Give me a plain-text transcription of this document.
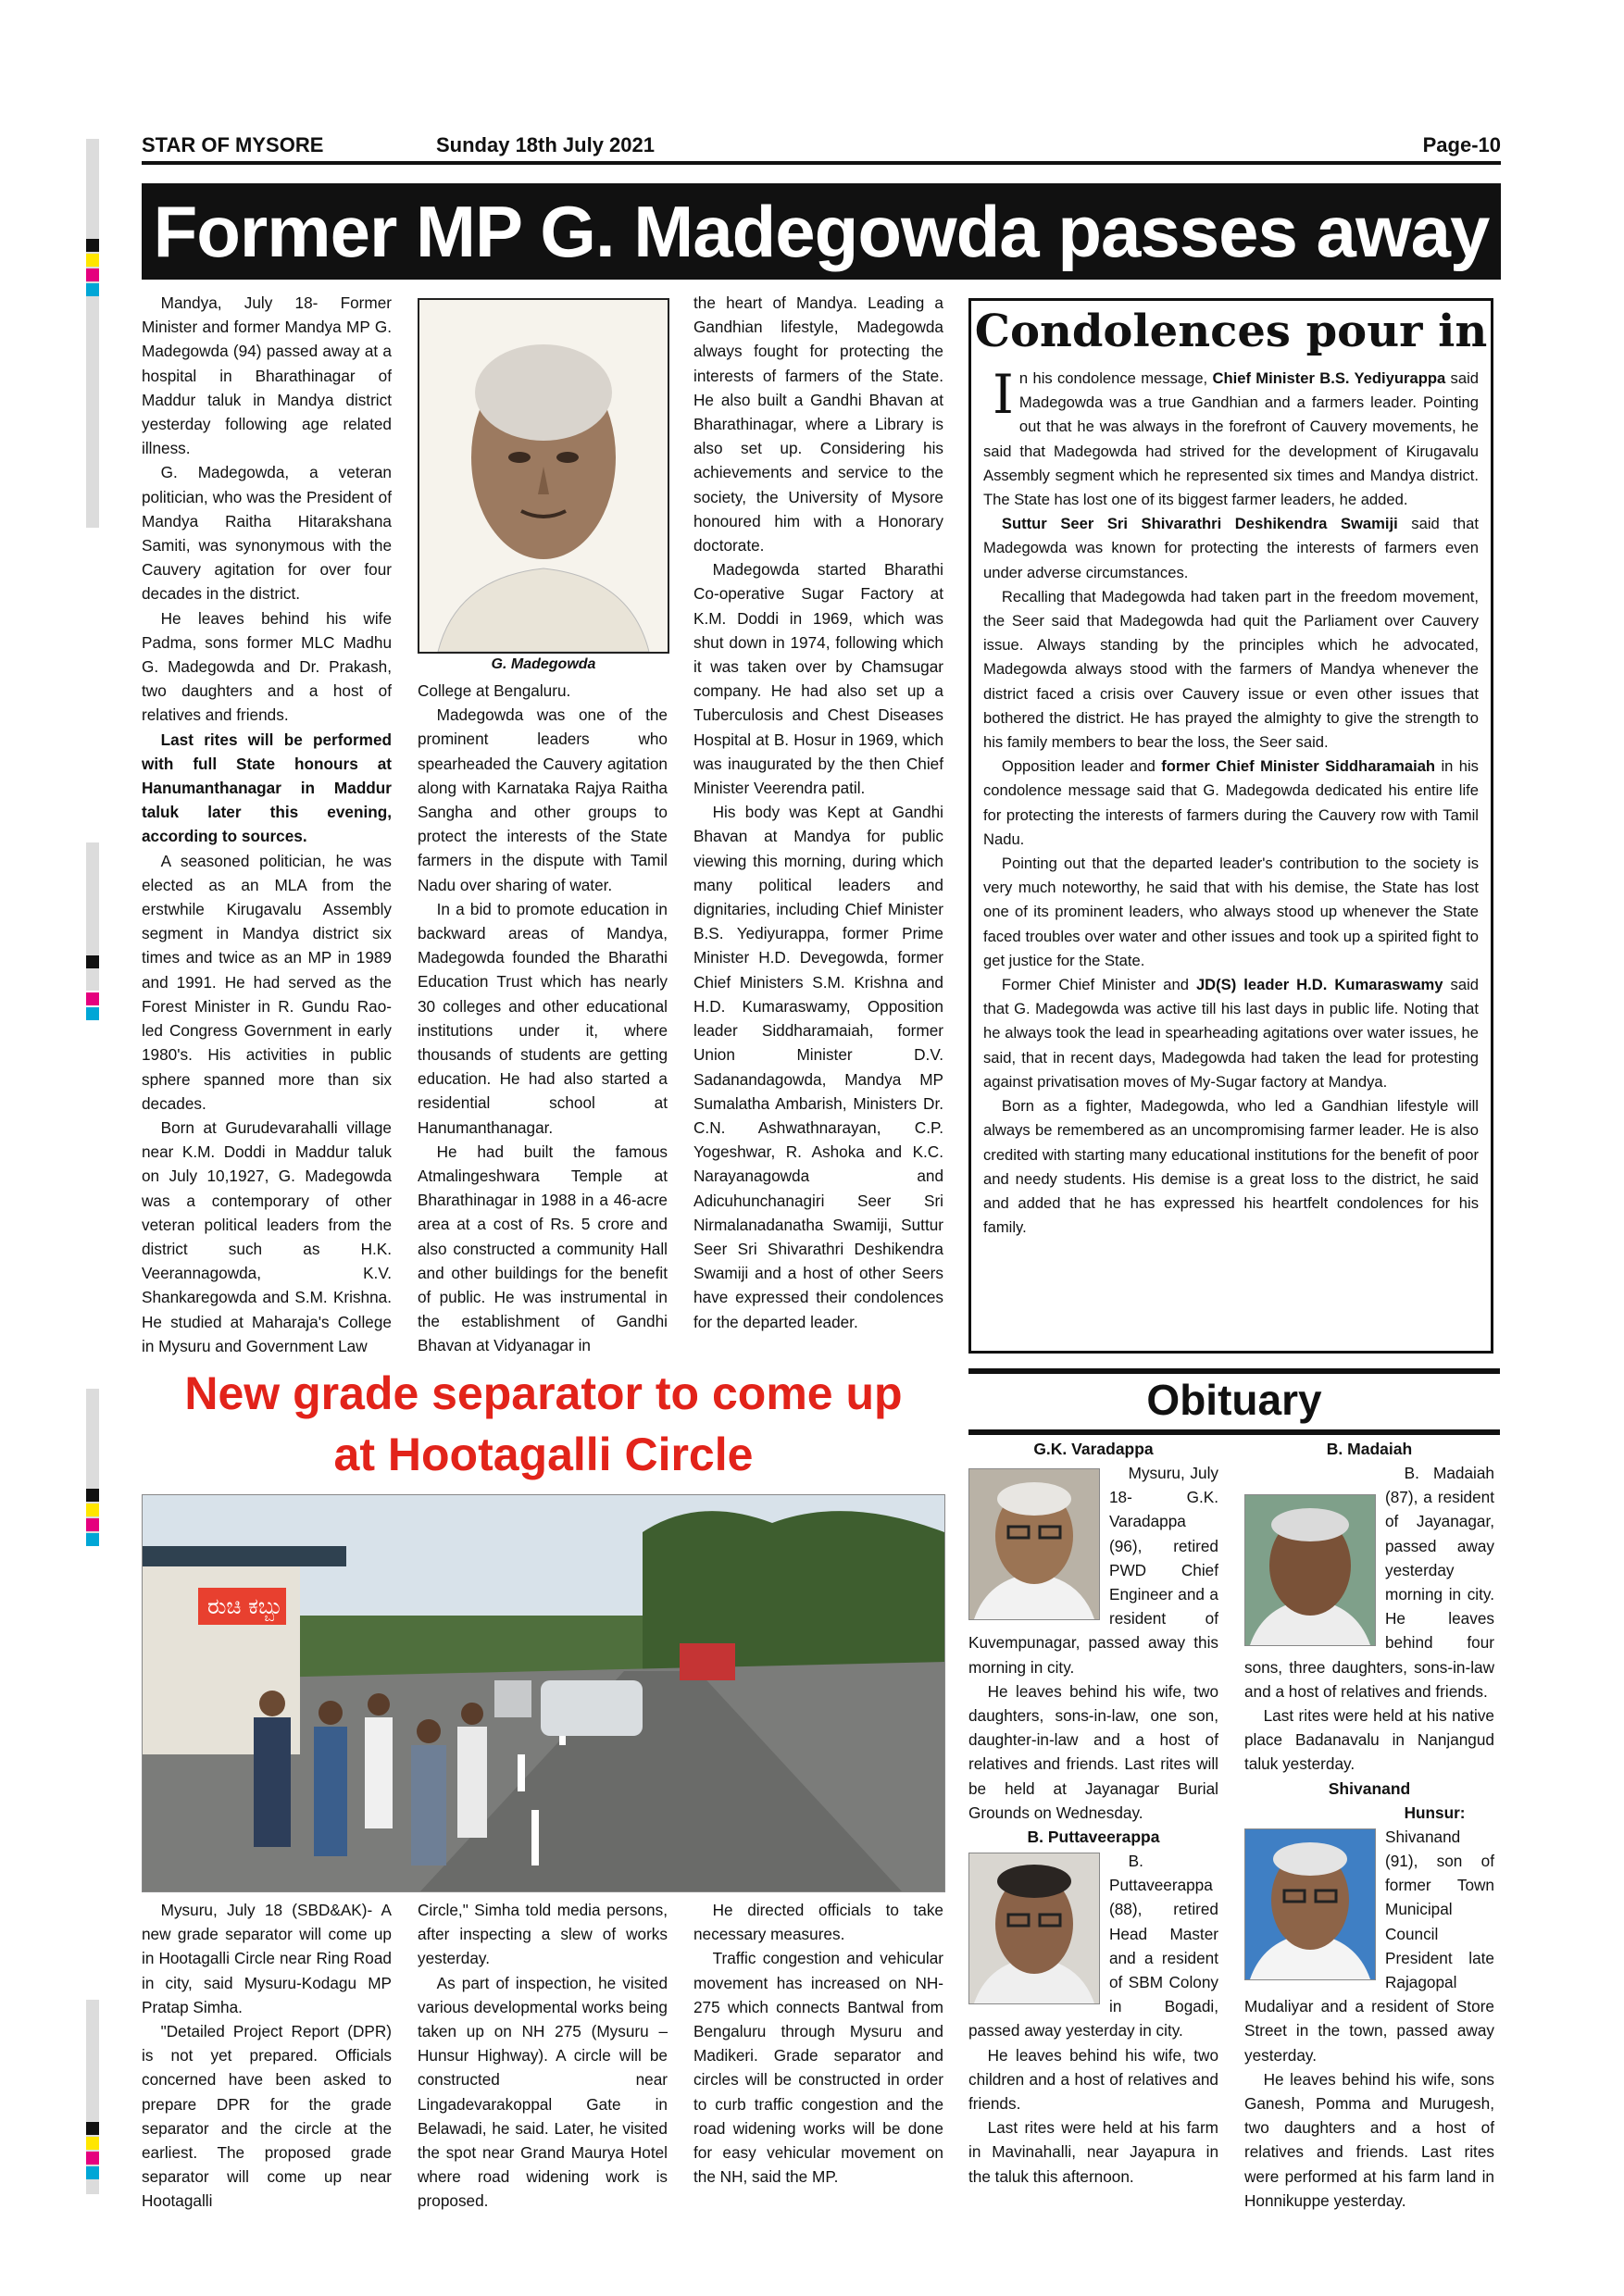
STAR OF MYSORE	Sunday 18th July 2021	Page-10
Former MP G. Madegowda passes away

Mandya, July 18- Former Minister and former Mandya MP G. Madegowda (94) passed away at a hospital in Bharathinagar of Maddur taluk in Mandya district yesterday following age related illness.

G. Madegowda, a veteran politician, who was the President of Mandya Raitha Hitarakshana Samiti, was synonymous with the Cauvery agitation for over four decades in the district.

He leaves behind his wife Padma, sons former MLC Madhu G. Madegowda and Dr. Prakash, two daughters and a host of relatives and friends.

Last rites will be performed with full State honours at Hanumanthanagar in Maddur taluk later this evening, according to sources.

A seasoned politician, he was elected as an MLA from the erstwhile Kirugavalu Assembly segment in Mandya district six times and twice as an MP in 1989 and 1991. He had served as the Forest Minister in R. Gundu Rao-led Congress Government in early 1980's. His activities in public sphere spanned more than six decades.

Born at Gurudevarahalli village near K.M. Doddi in Maddur taluk on July 10,1927, G. Madegowda was a contemporary of other veteran political leaders from the district such as H.K. Veerannagowda, K.V. Shankaregowda and S.M. Krishna. He studied at Maharaja's College in Mysuru and Government Law

G. Madegowda

College at Bengaluru.

Madegowda was one of the prominent leaders who spearheaded the Cauvery agitation along with Karnataka Rajya Raitha Sangha and other groups to protect the interests of the State farmers in the dispute with Tamil Nadu over sharing of water.

In a bid to promote education in backward areas of Mandya, Madegowda founded the Bharathi Education Trust which has nearly 30 colleges and other educational institutions under it, where thousands of students are getting education. He had also started a residential school at Hanumanthanagar.

He had built the famous Atmalingeshwara Temple at Bharathinagar in 1988 in a 46-acre area at a cost of Rs. 5 crore and also constructed a community Hall and other buildings for the benefit of public. He was instrumental in the establishment of Gandhi Bhavan at Vidyanagar in

the heart of Mandya. Leading a Gandhian lifestyle, Madegowda always fought for protecting the interests of farmers of the State. He also built a Gandhi Bhavan at Bharathinagar, where a Library is also set up. Considering his achievements and service to the society, the University of Mysore honoured him with a Honorary doctorate.

Madegowda started Bharathi Co-operative Sugar Factory at K.M. Doddi in 1969, which was shut down in 1974, following which it was taken over by Chamsugar company. He had also set up a Tuberculosis and Chest Diseases Hospital at B. Hosur in 1969, which was inaugurated by the then Chief Minister Veerendra patil.

His body was Kept at Gandhi Bhavan at Mandya for public viewing this morning, during which many political leaders and dignitaries, including Chief Minister B.S. Yediyurappa, former Prime Minister H.D. Devegowda, former Chief Ministers S.M. Krishna and H.D. Kumaraswamy, Opposition leader Siddharamaiah, former Union Minister D.V. Sadanandagowda, Mandya MP Sumalatha Ambarish, Ministers Dr. C.N. Ashwathnarayan, C.P. Yogeshwar, R. Ashoka and K.C. Narayanagowda and Adicuhunchanagiri Seer Sri Nirmalanadanatha Swamiji, Suttur Seer Sri Shivarathri Deshikendra Swamiji and a host of other Seers have expressed their condolences for the departed leader.

Condolences pour in

In his condolence message, Chief Minister B.S. Yediyurappa said Madegowda was a true Gandhian and a farmers leader. Pointing out that he was always in the forefront of Cauvery movements, he said that Madegowda had strived for the development of Kirugavalu Assembly segment which he represented six times and Mandya district. The State has lost one of its biggest farmer leaders, he added.

Suttur Seer Sri Shivarathri Deshikendra Swamiji said that Madegowda was known for protecting the interests of farmers even under adverse circumstances.

Recalling that Madegowda had taken part in the freedom movement, the Seer said that Madegowda had quit the Parliament over Cauvery issue. Always standing by the principles which he advocated, Madegowda always stood with the farmers of Mandya whenever the district faced a crisis over Cauvery issue or even other issues that bothered the district. He has prayed the almighty to give the strength to his family members to bear the loss, the Seer said.

Opposition leader and former Chief Minister Siddharamaiah in his condolence message said that G. Madegowda dedicated his entire life for protecting the interests of farmers during the Cauvery row with Tamil Nadu.

Pointing out that the departed leader's contribution to the society is very much noteworthy, he said that with his demise, the State has lost one of its prominent leaders, who always stood up whenever the State faced troubles over water and other issues and took up a spirited fight to get justice for the State.

Former Chief Minister and JD(S) leader H.D. Kumaraswamy said that G. Madegowda was active till his last days in public life. Noting that he always took the lead in spearheading agitations over water issues, he said, that in recent days, Madegowda had taken the lead for protesting against privatisation moves of My-Sugar factory at Mandya.

Born as a fighter, Madegowda, who led a Gandhian lifestyle will always be remembered as an uncompromising farmer leader. He is also credited with starting many educational institutions for the benefit of poor and needy students. His demise is a great loss to the district, he said and added that he has expressed his heartfelt condolences for his family.

New grade separator to come up
at Hootagalli Circle
ರುಚಿ ಕಬ್ಬು

Mysuru, July 18 (SBD&AK)- A new grade separator will come up in Hootagalli Circle near Ring Road in city, said Mysuru-Kodagu MP Pratap Simha.

"Detailed Project Report (DPR) is not yet prepared. Officials concerned have been asked to prepare DPR for the grade separator and the circle at the earliest. The proposed grade separator will come up near Hootagalli

Circle," Simha told media persons, after inspecting a slew of works yesterday.

As part of inspection, he visited various developmental works being taken up on NH 275 (Mysuru – Hunsur Highway). A circle will be constructed near Lingadevarakoppal Gate in Belawadi, he said. Later, he visited the spot near Grand Maurya Hotel where road widening work is proposed.

He directed officials to take necessary measures.

Traffic congestion and vehicular movement has increased on NH-275 which connects Bantwal from Bengaluru through Mysuru and Madikeri. Grade separator and circles will be constructed in order to curb traffic congestion and the road widening works will be done for easy vehicular movement on the NH, said the MP.

Obituary
G.K. Varadappa

Mysuru, July 18- G.K. Varadappa (96), retired PWD Chief Engineer and a resident of Kuvempunagar, passed away this morning in city.

He leaves behind his wife, two daughters, sons-in-law, one son, daughter-in-law and a host of relatives and friends. Last rites will be held at Jayanagar Burial Grounds on Wednesday.

B. Puttaveerappa

B. Puttaveerappa (88), retired Head Master and a resident of SBM Colony in Bogadi, passed away yesterday in city.

He leaves behind his wife, two children and a host of relatives and friends.

Last rites were held at his farm in Mavinahalli, near Jayapura in the taluk this afternoon.

B. Madaiah

B. Madaiah (87), a resident of Jayanagar, passed away yesterday morning in city. He leaves behind four sons, three daughters, sons-in-law and a host of relatives and friends.

Last rites were held at his native place Badanavalu in Nanjangud taluk yesterday.

Shivanand

Hunsur: Shivanand (91), son of former Town Municipal Council President late Rajagopal Mudaliyar and a resident of Store Street in the town, passed away yesterday.

He leaves behind his wife, sons Ganesh, Pomma and Murugesh, two daughters and a host of relatives and friends. Last rites were performed at his farm land in Honnikuppe yesterday.
